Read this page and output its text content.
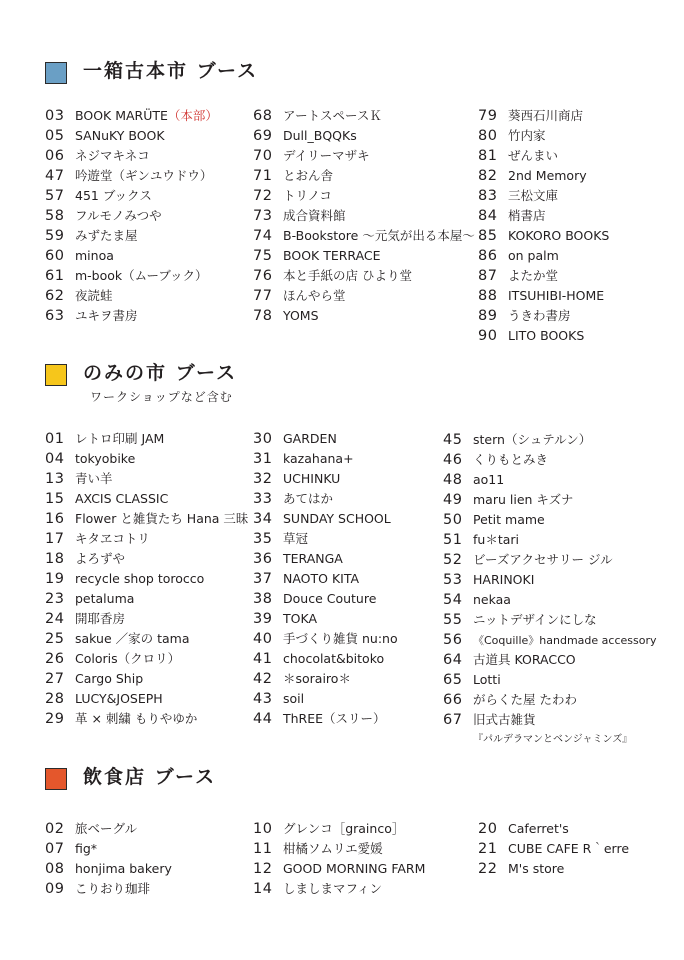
一箱古本市 ブース
03 BOOK MARÜTE（本部）
05 SANuKY BOOK
06 ネジマキネコ
47 吟遊堂（ギンユウドウ）
57 451 ブックス
58 フルモノみつや
59 みずたま屋
60 minoa
61 m-book（ムーブック）
62 夜読蛙
63 ユキヲ書房
68 アートスペースＫ
69 Dull_BQQKs
70 デイリーマザキ
71 とおん舎
72 トリノコ
73 成合資料館
74 B-Bookstore 〜元気が出る本屋〜
75 BOOK TERRACE
76 本と手紙の店 ひより堂
77 ほんやら堂
78 YOMS
79 葵西石川商店
80 竹内家
81 ぜんまい
82 2nd Memory
83 三松文庫
84 梢書店
85 KOKORO BOOKS
86 on palm
87 よたか堂
88 ITSUHIBI-HOME
89 うきわ書房
90 LITO BOOKS
のみの市 ブース
ワークショップなど含む
01 レトロ印刷 JAM
04 tokyobike
13 青い羊
15 AXCIS CLASSIC
16 Flower と雑貨たち Hana 三昧
17 キタヱコトリ
18 よろずや
19 recycle shop torocco
23 petaluma
24 開耶香房
25 sakue ／家の tama
26 Coloris（クロリ）
27 Cargo Ship
28 LUCY&JOSEPH
29 革 × 刺繍 もりやゆか
30 GARDEN
31 kazahana+
32 UCHINKU
33 あてはか
34 SUNDAY SCHOOL
35 草冠
36 TERANGA
37 NAOTO KITA
38 Douce Couture
39 TOKA
40 手づくり雑貨 nu:no
41 chocolat&bitoko
42 ＊sorairo＊
43 soil
44 ThREE（スリー）
45 stern（シュテルン）
46 くりもとみき
48 ao11
49 maru lien キズナ
50 Petit mame
51 fu＊tari
52 ビーズアクセサリー ジル
53 HARINOKI
54 nekaa
55 ニットデザインにしな
56 《Coquille》handmade accessory
64 古道具 KORACCO
65 Lotti
66 がらくた屋 たわわ
67 旧式古雑貨
『パルデラマンとベンジャミンズ』
飲食店 ブース
02 旅ベーグル
07 fig*
08 honjima bakery
09 こりおり珈琲
10 グレンコ［grainco］
11 柑橘ソムリエ愛媛
12 GOOD MORNING FARM
14 しましまマフィン
20 Caferret's
21 CUBE CAFE R｀erre
22 M's store
